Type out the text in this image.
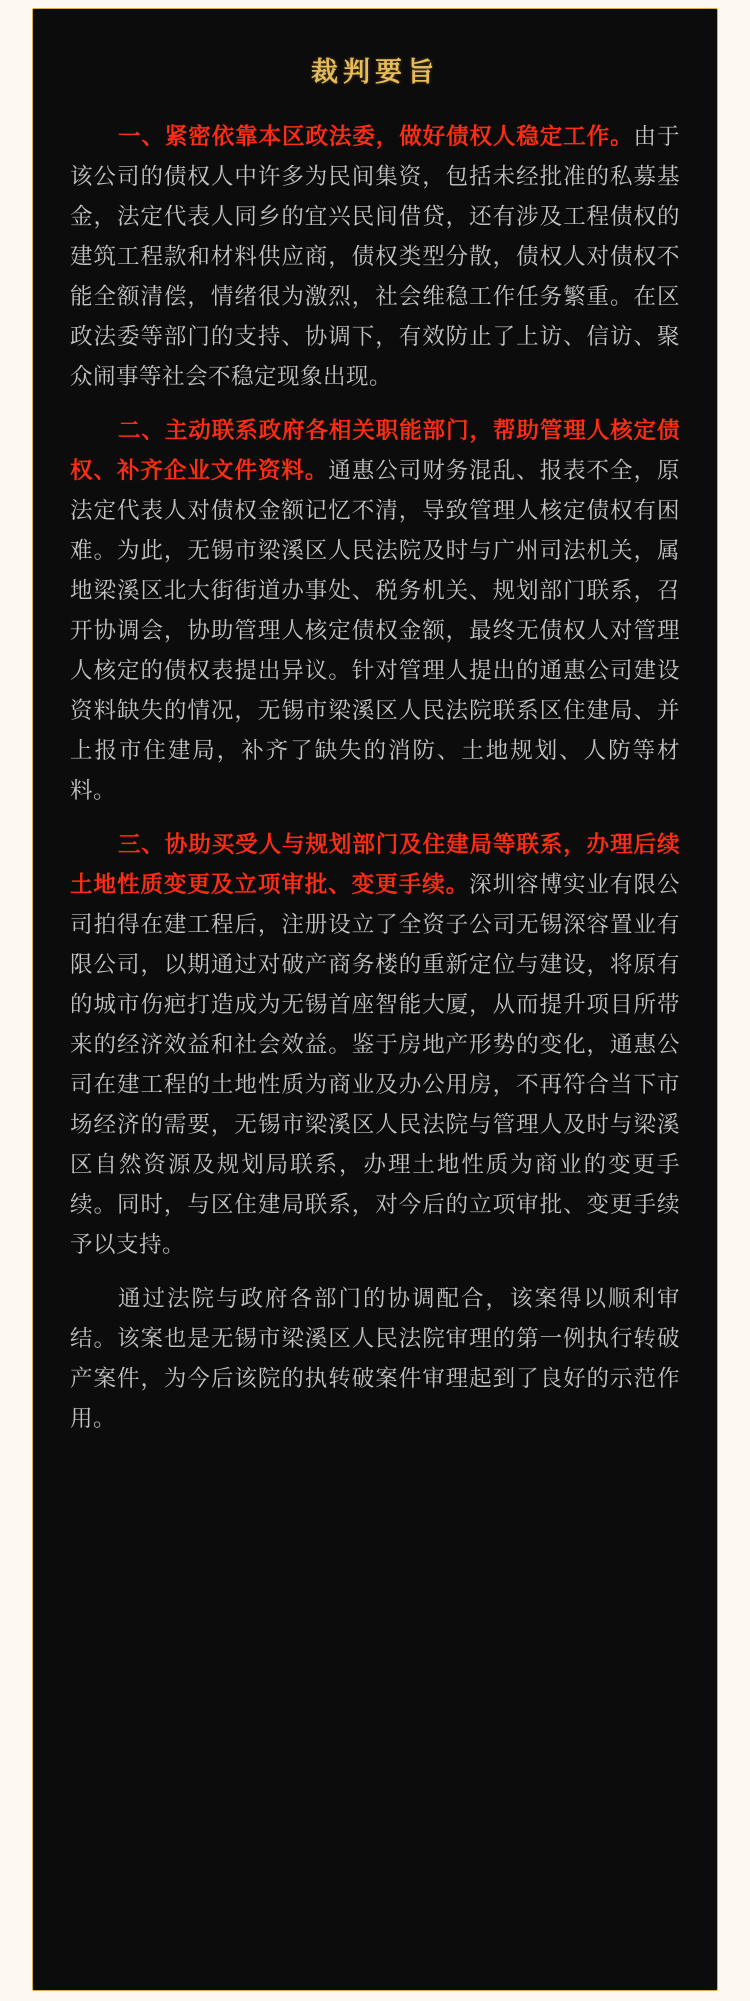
裁判要旨

一、紧密依靠本区政法委，做好债权人稳定工作。由于该公司的债权人中许多为民间集资，包括未经批准的私募基金，法定代表人同乡的宜兴民间借贷，还有涉及工程债权的建筑工程款和材料供应商，债权类型分散，债权人对债权不能全额清偿，情绪很为激烈，社会维稳工作任务繁重。在区政法委等部门的支持、协调下，有效防止了上访、信访、聚众闹事等社会不稳定现象出现。

二、主动联系政府各相关职能部门，帮助管理人核定债权、补齐企业文件资料。通惠公司财务混乱、报表不全，原法定代表人对债权金额记忆不清，导致管理人核定债权有困难。为此，无锡市梁溪区人民法院及时与广州司法机关，属地梁溪区北大街街道办事处、税务机关、规划部门联系，召开协调会，协助管理人核定债权金额，最终无债权人对管理人核定的债权表提出异议。针对管理人提出的通惠公司建设资料缺失的情况，无锡市梁溪区人民法院联系区住建局、并上报市住建局，补齐了缺失的消防、土地规划、人防等材料。

三、协助买受人与规划部门及住建局等联系，办理后续土地性质变更及立项审批、变更手续。深圳容博实业有限公司拍得在建工程后，注册设立了全资子公司无锡深容置业有限公司，以期通过对破产商务楼的重新定位与建设，将原有的城市伤疤打造成为无锡首座智能大厦，从而提升项目所带来的经济效益和社会效益。鉴于房地产形势的变化，通惠公司在建工程的土地性质为商业及办公用房，不再符合当下市场经济的需要，无锡市梁溪区人民法院与管理人及时与梁溪区自然资源及规划局联系，办理土地性质为商业的变更手续。同时，与区住建局联系，对今后的立项审批、变更手续予以支持。

通过法院与政府各部门的协调配合，该案得以顺利审结。该案也是无锡市梁溪区人民法院审理的第一例执行转破产案件，为今后该院的执转破案件审理起到了良好的示范作用。
